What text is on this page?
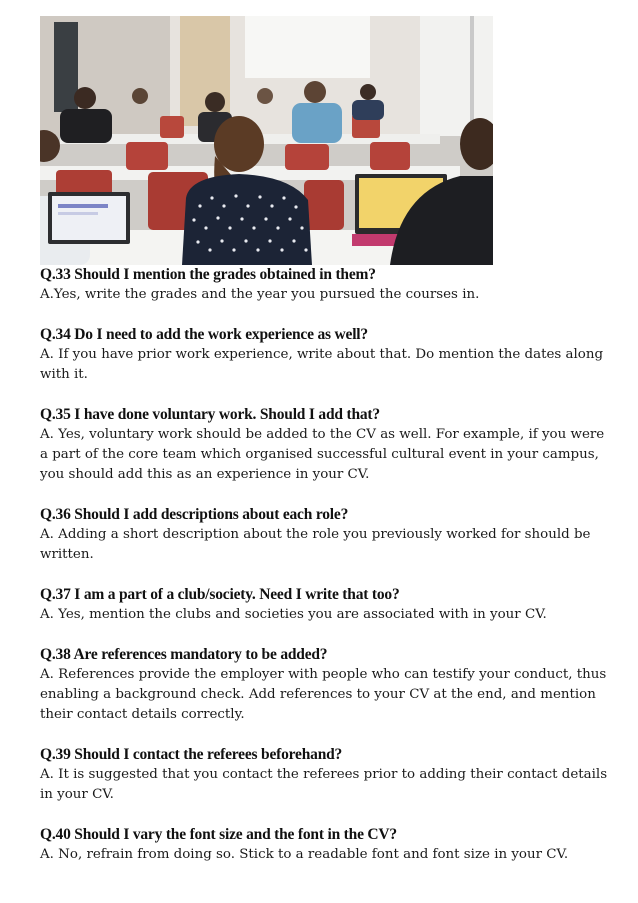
Q.33 Should I mention the grades obtained in them?

A.Yes, write the grades and the year you pursued the courses in.

Q.34 Do I need to add the work experience as well?

A. If you have prior work experience, write about that. Do mention the dates along with it.

Q.35 I have done voluntary work. Should I add that?

A. Yes, voluntary work should be added to the CV as well. For example, if you were a part of the core team which organised successful cultural event in your campus, you should add this as an experience in your CV.

Q.36 Should I add descriptions about each role?

A. Adding a short description about the role you previously worked for should be written.

Q.37 I am a part of a club/society. Need I write that too?

A. Yes, mention the clubs and societies you are associated with in your CV.

Q.38 Are references mandatory to be added?

A. References provide the employer with people who can testify your conduct, thus enabling a background check. Add references to your CV at the end, and mention their contact details correctly.

Q.39 Should I contact the referees beforehand?

A. It is suggested that you contact the referees prior to adding their contact details in your CV.

Q.40 Should I vary the font size and the font in the CV?

A. No, refrain from doing so. Stick to a readable font and font size in your CV.
